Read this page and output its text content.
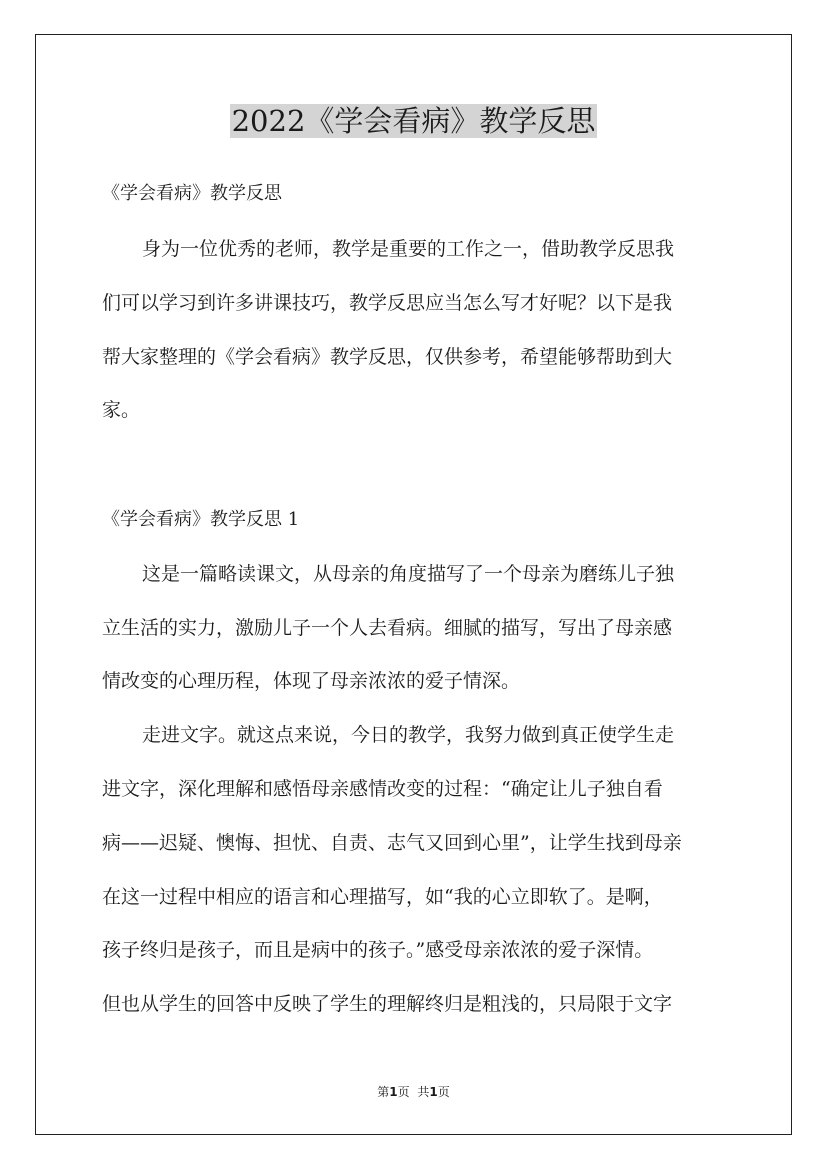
2022《学会看病》教学反思

《学会看病》教学反思

身为一位优秀的老师，教学是重要的工作之一，借助教学反思我

们可以学习到许多讲课技巧，教学反思应当怎么写才好呢？以下是我

帮大家整理的《学会看病》教学反思，仅供参考，希望能够帮助到大

家。

《学会看病》教学反思 1

这是一篇略读课文，从母亲的角度描写了一个母亲为磨练儿子独

立生活的实力，激励儿子一个人去看病。细腻的描写，写出了母亲感

情改变的心理历程，体现了母亲浓浓的爱子情深。

走进文字。就这点来说，今日的教学，我努力做到真正使学生走

进文字，深化理解和感悟母亲感情改变的过程：“确定让儿子独自看

病——迟疑、懊悔、担忧、自责、志气又回到心里”，让学生找到母亲

在这一过程中相应的语言和心理描写，如“我的心立即软了。是啊，

孩子终归是孩子，而且是病中的孩子。”感受母亲浓浓的爱子深情。

但也从学生的回答中反映了学生的理解终归是粗浅的，只局限于文字

第1页 共1页
